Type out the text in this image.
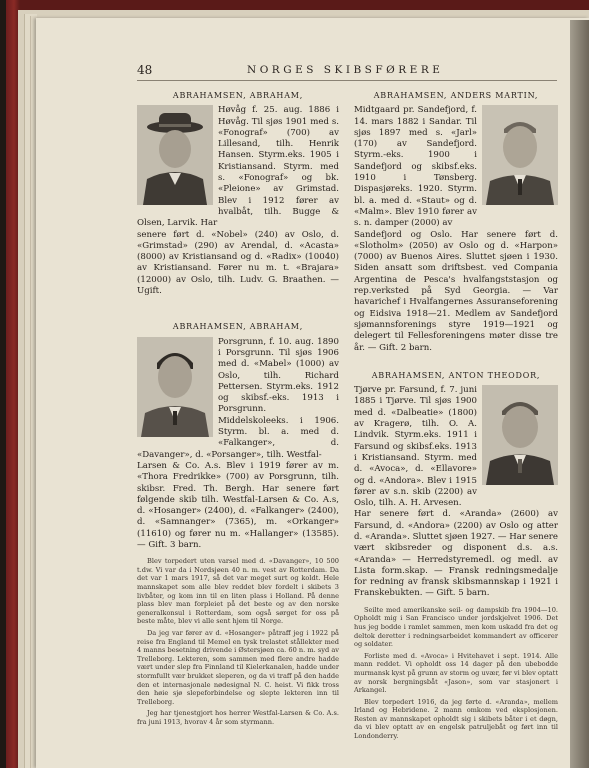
48	NORGES SKIBSFØRERE
ABRAHAMSEN, ABRAHAM,
Høvåg f. 25. aug. 1886 i Høvåg. Til sjøs 1901 med s. «Fonograf» (700) av Lillesand, tilh. Henrik Hansen. Styrm.eks. 1905 i Kristiansand. Styrm. med s. «Fonograf» og bk. «Pleione» av Grimstad. Blev i 1912 fører av hvalbåt, tilh. Bugge & Olsen, Larvik. Har
senere ført d. «Nobel» (240) av Oslo, d. «Grimstad» (290) av Arendal, d. «Acasta» (8000) av Kristiansand og d. «Radix» (10040) av Kristiansand. Fører nu m. t. «Brajara» (12000) av Oslo, tilh. Ludv. G. Braathen. — Ugift.
ABRAHAMSEN, ABRAHAM,
Porsgrunn, f. 10. aug. 1890 i Porsgrunn. Til sjøs 1906 med d. «Mabel» (1000) av Oslo, tilh. Richard Pettersen. Styrm.eks. 1912 og skibsf.-eks. 1913 i Porsgrunn. Middelskoleeks. i 1906. Styrm. bl. a. med d. «Falkanger», d. «Davanger», d. «Porsanger», tilh. Westfal-
Larsen & Co. A.s. Blev i 1919 fører av m. «Thora Fredrikke» (700) av Porsgrunn, tilh. skibsr. Fred. Th. Bergh. Har senere ført følgende skib tilh. Westfal-Larsen & Co. A.s, d. «Hosanger» (2400), d. «Falkanger» (2400), d. «Samnanger» (7365), m. «Orkanger» (11610) og fører nu m. «Hallanger» (13585). — Gift. 3 barn.
Blev torpedert uten varsel med d. «Davanger», 10 500 t.dw. Vi var da i Nordsjøen 40 n. m. vest av Rotterdam. Da det var 1 mars 1917, så det var meget surt og koldt. Hele mannskapet som alle blev reddet blev fordelt i skibets 3 livbåter, og kom inn til en liten plass i Holland. På denne plass blev man forpleiet på det beste og av den norske generalkonsul i Rotterdam, som også sørget for oss på beste måte, blev vi alle sent hjem til Norge.
Da jeg var fører av d. «Hosanger» påtraff jeg i 1922 på reise fra England til Memel en tysk trelastet stållekter med 4 manns besetning drivende i Østersjøen ca. 60 n. m. syd av Trelleborg. Lekteren, som sammen med flere andre hadde vært under slep fra Finnland til Kielerkanalen, hadde under stormfullt vær brukket sleperen, og da vi traff på den hadde den et internasjonale nødesignal N. C. heist. Vi fikk tross den høie sjø slepeforbindelse og slepte lekteren inn til Trelleborg.
Jeg har tjenestgjort hos herrer Westfal-Larsen & Co. A.s. fra juni 1913, hvorav 4 år som styrmann.
ABRAHAMSEN, ANDERS MARTIN,
Midtgaard pr. Sandefjord, f. 14. mars 1882 i Sandar. Til sjøs 1897 med s. «Jarl» (170) av Sandefjord. Styrm.-eks. 1900 i Sandefjord og skibsf.eks. 1910 i Tønsberg. Dispasjøreks. 1920. Styrm. bl. a. med d. «Staut» og d. «Malm». Blev 1910 fører av s. n. damper (2000) av
Sandefjord og Oslo. Har senere ført d. «Slotholm» (2050) av Oslo og d. «Harpon» (7000) av Buenos Aires. Sluttet sjøen i 1930. Siden ansatt som driftsbest. ved Compania Argentina de Pesca's hvalfangststasjon og rep.verksted på Syd Georgia. — Var havarichef i Hvalfangernes Assuranseforening og Eidsiva 1918—21. Medlem av Sandefjord sjømannsforenings styre 1919—1921 og delegert til Fellesforeningens møter disse tre år. — Gift. 2 barn.
ABRAHAMSEN, ANTON THEODOR,
Tjørve pr. Farsund, f. 7. juni 1885 i Tjørve. Til sjøs 1900 med d. «Dalbeatie» (1800) av Kragerø, tilh. O. A. Lindvik. Styrm.eks. 1911 i Farsund og skibsf.eks. 1913 i Kristiansand. Styrm. med d. «Avoca», d. «Ellavore» og d. «Andora». Blev i 1915 fører av s.n. skib (2200) av Oslo, tilh. A. H. Arvesen.
Har senere ført d. «Aranda» (2600) av Farsund, d. «Andora» (2200) av Oslo og atter d. «Aranda». Sluttet sjøen 1927. — Har senere vært skibsreder og disponent d.s. a.s. «Aranda» — Herredstyremedl. og medl. av Lista form.skap. — Fransk redningsmedalje for redning av fransk skibsmannskap i 1921 i Franskebukten. — Gift. 5 barn.
Seilte med amerikanske seil- og dampskib fra 1904—10. Opholdt mig i San Francisco under jordskjelvet 1906. Det hus jeg bodde i ramlet sammen, men kom uskadd fra det og deltok deretter i redningsarbeidet kommandert av officerer og soldater.
Forliste med d. «Avoca» i Hvitehavet i sept. 1914. Alle mann reddet. Vi opholdt oss 14 dager på den ubebodde murmansk kyst på grunn av storm og uvær, før vi blev optatt av norsk bergningsbåt «Jason», som var stasjonert i Arkangel.
Blev torpedert 1916, da jeg førte d. «Aranda», mellem Irland og Hebridene. 2 mann omkom ved eksplosjonen. Resten av mannskapet opholdt sig i skibets båter i et døgn, da vi blev optatt av en engelsk patruljebåt og ført inn til Londonderry.
